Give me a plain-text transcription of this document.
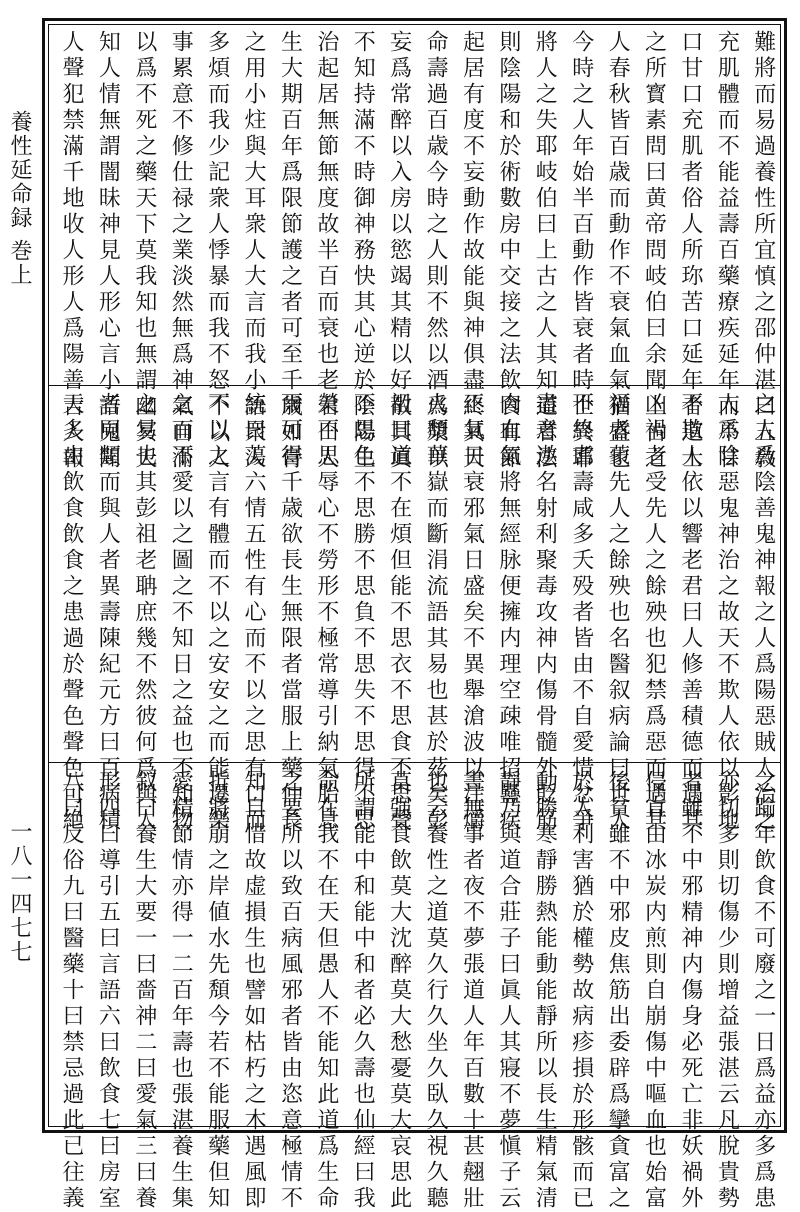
養性延命録 巻上
一八一四七七
難將而易過養性所宜慎之邵仲湛曰五敎
充肌體而不能益壽百藥療疾延年而不甘
口甘口充肌者俗人所珎苦口延年者道士
之所寳素問曰黄帝問岐伯曰余聞上古之
人春秋皆百歳而動作不衰氣血氣猶盛也
今時之人年始半百動作皆衰者時世異耶
將人之失耶岐伯曰上古之人其知道者法
則陰陽和於術數房中交接之法飲食有節
起居有度不妄動作故能與神俱盡終其天
命壽過百歳今時之人則不然以酒爲漿以
妄爲常醉以入房以慾竭其精以好散其眞
不知持滿不時御神務快其心逆於陰陽生
治起居無節無度故半百而衰也老君曰人
生大期百年爲限節護之者可至千歳如膏
之用小炷與大耳衆人大言而我小語衆人
多煩而我少記衆人悸暴而我不怒不以人
事累意不修仕禄之業淡然無爲神氣自滿
以爲不死之藥天下莫我知也無謂幽冥天
知人情無謂闇昧神見人形心言小語鬼聞
人聲犯禁滿千地收人形人爲陽善吉人報
之人爲陰善鬼神報之人爲陽惡賊人治之
人爲陰惡鬼神治之故天不欺人依以影地
不欺人依以響老君曰人修善積德而遇其
凶禍者受先人之餘殃也犯禁爲惡而遇其
福者蒙先人之餘殃也名醫叙病論曰世人
不終耆壽咸多夭殁者皆由不自愛惜忿爭
盡意遨名射利聚毒攻神内傷骨髓外貶筋
肉血氣將無經脉便擁内理空疎唯招蠱疾
正氣日衰邪氣日盛矣不異舉滄波以注爝
火頽華嶽而斷涓流語其易也甚於茲矣彭
祖曰道不在煩但能不思衣不思食不思聲
不思色不思勝不思負不思失不思得不思
榮不思辱心不勞形不極常導引納氣胎息
爾可得千歳欲長生無限者當服上藥仲長
統曰蕩六情五性有心而不以之思有口而
不以之言有體而不以之安安之而能遷樂
之而不愛以之圖之不知日之益也不知物
之易也其彭祖老聃庶幾不然彼何爲與人
者同類而與人者異壽陳紀元方曰百病積
天多由飲食飲食之患過於聲色聲色可絶
之踰年飲食不可廢之一日爲益亦多爲患
亦切多則切傷少則增益張湛云凡脫貴勢
者雖不中邪精神内傷身必死亡非妖禍外
侵直由冰炭内煎則自崩傷中嘔血也始富
後貧雖不中邪皮焦筋出委辟爲攣貪富之
於人利害猶於權勢故病疹損於形骸而已
動勝寒靜勝熱能動能靜所以長生精氣清
靜乃與道合莊子曰眞人其寢不夢愼子云
晝無事者夜不夢張道人年百數十甚翹壯
也云養性之道莫久行久坐久臥久視久聽
莫强食飲莫大沈醉莫大愁憂莫大哀思此
所謂能中和能中和者必久壽也仙經曰我
命在我不在天但愚人不能知此道爲生命
之要所以致百病風邪者皆由恣意極情不
知自惜故虚損生也譬如枯朽之木遇風即
折將崩之岸値水先頽今若不能服藥但知
愛精節情亦得一二百年壽也張湛養生集
叙曰養生大要一曰嗇神二曰愛氣三曰養
形四曰導引五曰言語六曰飲食七曰房室
八曰反俗九曰醫藥十曰禁忌過此已往義
